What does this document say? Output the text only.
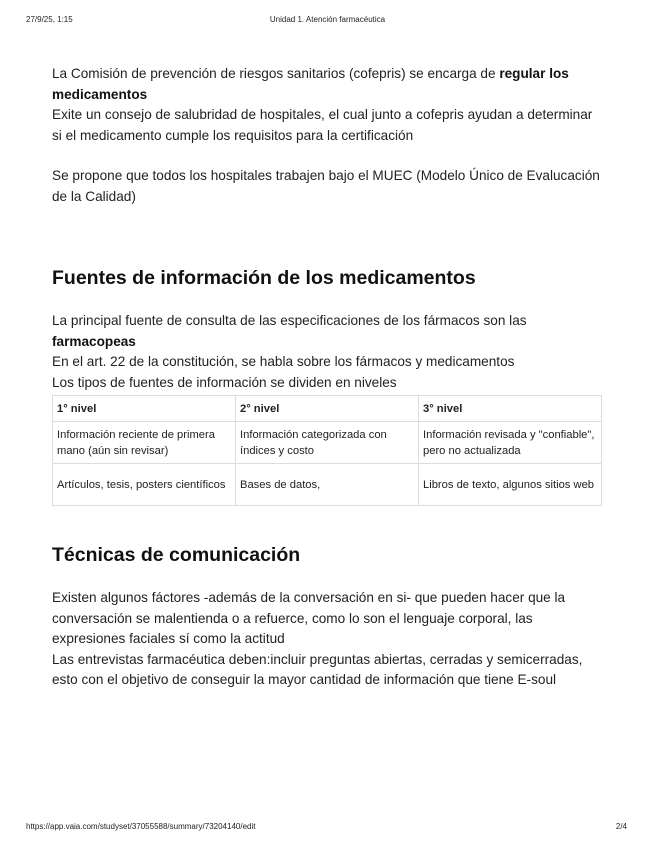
27/9/25, 1:15	Unidad 1. Atención farmacéutica

La Comisión de prevención de riesgos sanitarios (cofepris) se encarga de regular los medicamentos

Exite un consejo de salubridad de hospitales, el cual junto a cofepris ayudan a determinar si el medicamento cumple los requisitos para la certificación

Se propone que todos los hospitales trabajen bajo el MUEC (Modelo Único de Evalucación de la Calidad)

Fuentes de información de los medicamentos

La principal fuente de consulta de las especificaciones de los fármacos son las farmacopeas

En el art. 22 de la constitución, se habla sobre los fármacos y medicamentos

Los tipos de fuentes de información se dividen en niveles

1° nivel	2° nivel	3° nivel
Información reciente de primera mano (aún sin revisar)	Información categorizada con índices y costo	Información revisada y "confiable", pero no actualizada
Artículos, tesis, posters científicos	Bases de datos,	Libros de texto, algunos sitios web
Técnicas de comunicación

Existen algunos fáctores -además de la conversación en si- que pueden hacer que la conversación se malentienda o a refuerce, como lo son el lenguaje corporal, las expresiones faciales sí como la actitud

Las entrevistas farmacéutica deben:incluir preguntas abiertas, cerradas y semicerradas, esto con el objetivo de conseguir la mayor cantidad de información que tiene E-soul

https://app.vaia.com/studyset/37055588/summary/73204140/edit	2/4
